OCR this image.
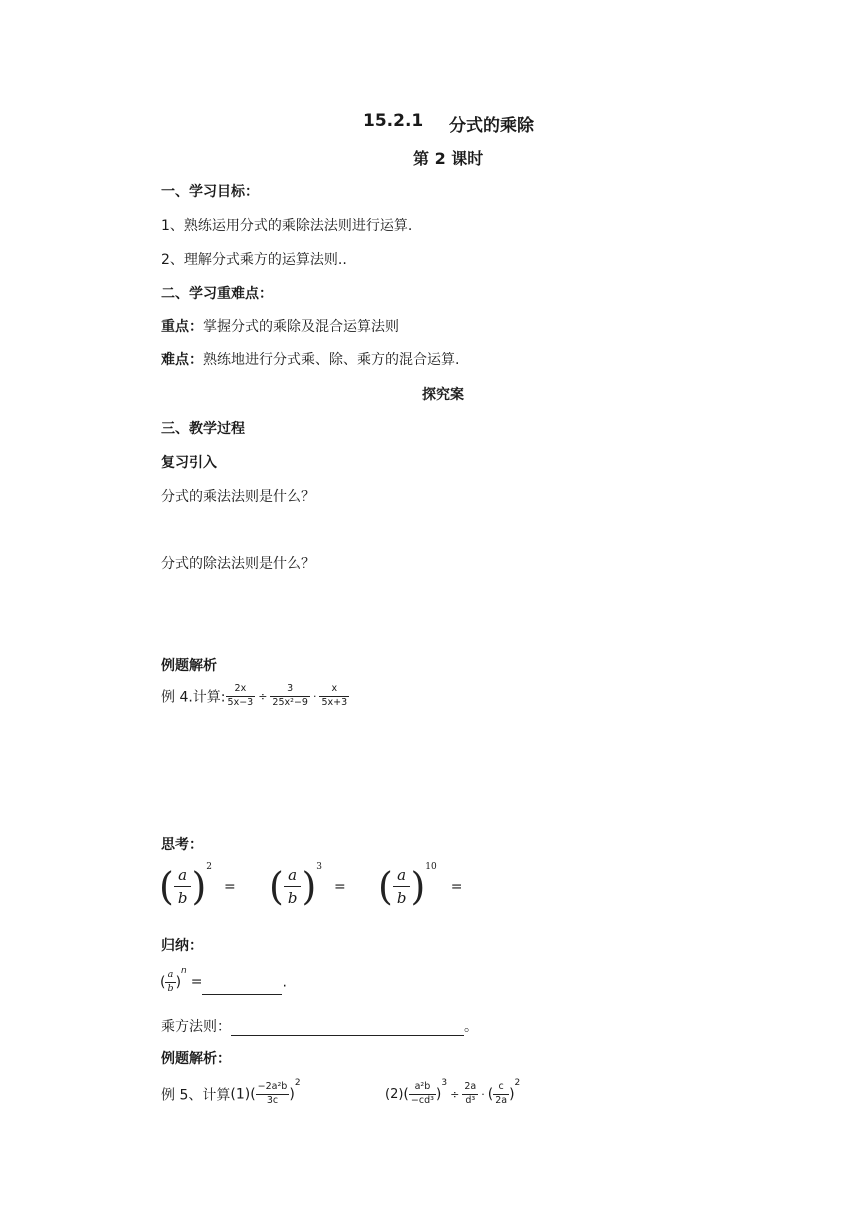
15.2.1 分式的乘除
第 2 课时
一、学习目标：
1、熟练运用分式的乘除法法则进行运算.
2、理解分式乘方的运算法则..
二、学习重难点：
重点：掌握分式的乘除及混合运算法则
难点：熟练地进行分式乘、除、乘方的混合运算.
探究案
三、教学过程
复习引入
分式的乘法法则是什么？
分式的除法法则是什么？
例题解析
例 4.计算: $\frac{2x}{5x-3} \div \frac{3}{\text{25x²−9}} \cdot \frac{x}{5x+3}$
思考：
( $\frac{a}{b} )^2=$ ( $\frac{a}{b} )^3=$ ( $\frac{a}{b} )^{10}=$
归纳：
( $\frac{a}{b} )^n=$	.
乘方法则：	。
例题解析：
例 5、计算$(1)( \frac{\text{−2a²b}}{3c} )^2$
$(2)( \frac{\text{a²b}}{\text{−cd³}} )^3\div \frac{2a}{\text{d³}}$ · ( $\frac{c}{2a} )^2$
